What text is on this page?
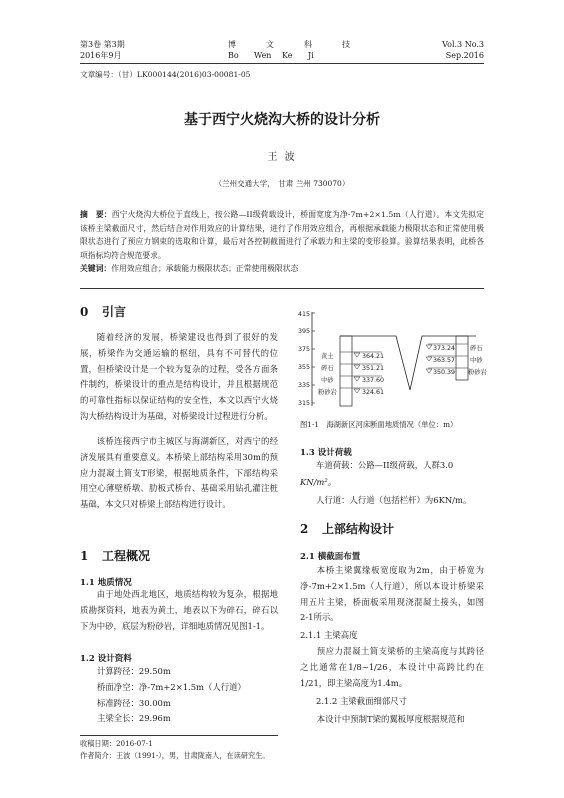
第3卷 第3期
2016年9月
博	文	科	技
Bo Wen Ke Ji
Vol.3 No.3
Sep.2016
文章编号：（甘）LK000144(2016)03-00081-05
基于西宁火烧沟大桥的设计分析
王 波
（兰州交通大学，　甘肃 兰州 730070）
摘　要：西宁火烧沟大桥位于直线上，按公路—II级荷载设计，桥面宽度为净-7m+2×1.5m（人行道）。本文先拟定该桥主梁截面尺寸，然后结合对作用效应的计算结果，进行了作用效应组合，再根据承载能力极限状态和正常使用极限状态进行了预应力钢束的选取和计算，最后对各控制截面进行了承载力和主梁的变形验算。验算结果表明，此桥各项指标均符合规范要求。
关键词：作用效应组合；承载能力极限状态；正常使用极限状态
0 引言
随着经济的发展，桥梁建设也得到了很好的发展，桥梁作为交通运输的枢纽，具有不可替代的位置，但桥梁设计是一个较为复杂的过程，受各方面条件制约，桥梁设计的重点是结构设计，并且根据规范的可靠性指标以保证结构的安全性，本文以西宁火烧沟大桥结构设计为基础，对桥梁设计过程进行分析。
该桥连接西宁市主城区与海湖新区，对西宁的经济发展具有重要意义。本桥梁上部结构采用30m的预应力混凝土简支T形梁，根据地质条件，下部结构采用空心薄壁桥墩、肋板式桥台、基础采用钻孔灌注桩基础，本文只对桥梁上部结构进行设计。
1 工程概况
1.1 地质情况
由于地处西北地区，地质结构较为复杂，根据地质勘探资料，地表为黄土，地表以下为碎石，碎石以下为中砂，底层为粉砂岩，详细地质情况见图1-1。
1.2 设计资料
计算跨径：29.50m
桥面净空：净-7m+2×1.5m（人行道）
标准跨径：30.00m
主梁全长：29.96m
收稿日期：2016-07-1
作者简介：王波（1991-），男，甘肃陇南人，在读研究生。
415
395
375
355
335
315
黄土
碎石
中砂
粉砂岩
364.21
351.21
337.60
324.61
373.24
363.57
350.39
碎石
中砂
粉砂岩
图1-1　海湖新区河床断面地质情况（单位：m）
1.3 设计荷载
车道荷载：公路—II级荷载，人群3.0
KN/m²。
人行道：人行道（包括栏杆）为6KN/m。
2 上部结构设计
2.1 横截面布置
本桥主梁翼缘板宽度取为2m，由于桥宽为净-7m+2×1.5m（人行道），所以本设计桥梁采用五片主梁，桥面板采用现浇混凝土接头，如图2-1所示。
2.1.1 主梁高度
预应力混凝土简支梁桥的主梁高度与其跨径之比通常在1/8~1/26，本设计中高跨比约在1/21，即主梁高度为1.4m。
2.1.2 主梁截面细部尺寸
本设计中预制T梁的翼板厚度根据规范和
